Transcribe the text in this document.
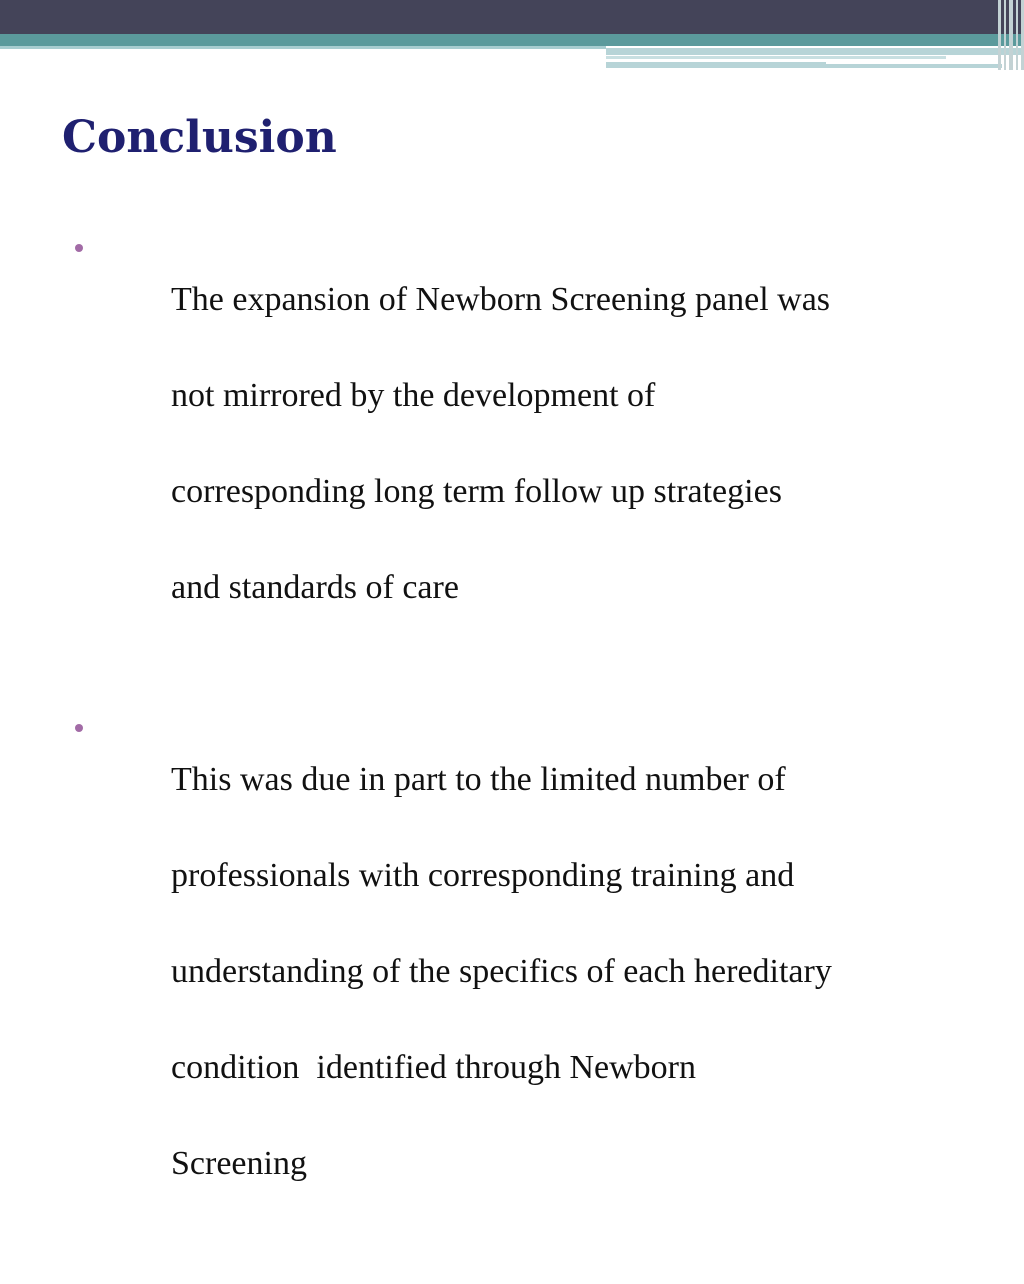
Conclusion

The expansion of Newborn Screening panel was

not mirrored by the development of

corresponding long term follow up strategies

and standards of care

This was due in part to the limited number of

professionals with corresponding training and

understanding of the specifics of each hereditary

condition  identified through Newborn

Screening
